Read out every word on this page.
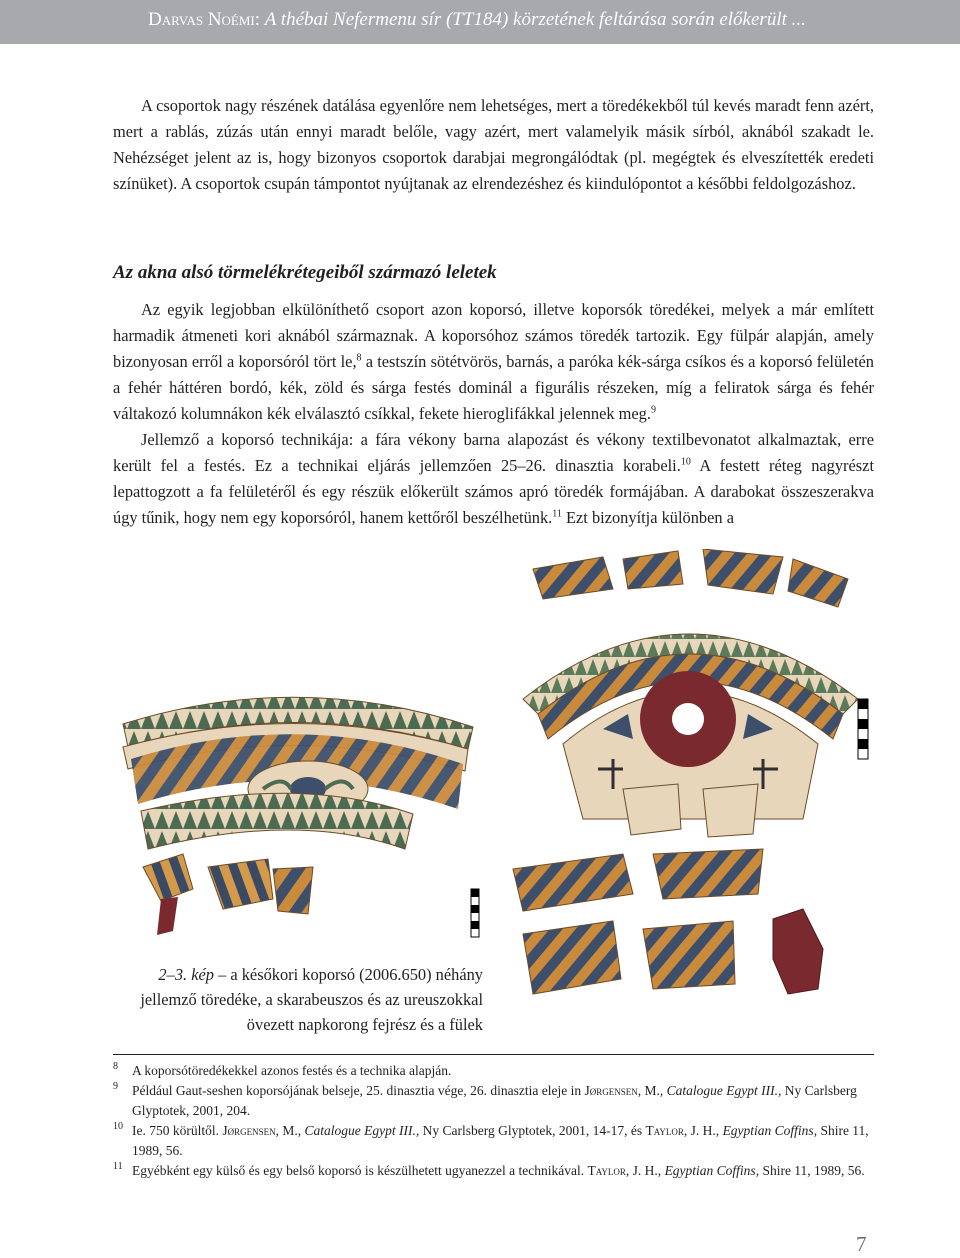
Darvas Noémi: A thébai Nefermenu sír (TT184) körzetének feltárása során előkerült ...

A csoportok nagy részének datálása egyenlőre nem lehetséges, mert a töredékekből túl kevés maradt fenn azért, mert a rablás, zúzás után ennyi maradt belőle, vagy azért, mert valamelyik másik sírból, aknából szakadt le. Nehézséget jelent az is, hogy bizonyos csoportok darabjai megrongálódtak (pl. megégtek és elveszítették eredeti színüket). A csoportok csupán támpontot nyújtanak az elrendezéshez és kiindulópontot a későbbi feldolgozáshoz.

Az akna alsó törmelékrétegeiből származó leletek

Az egyik legjobban elkülöníthető csoport azon koporsó, illetve koporsók töredékei, melyek a már említett harmadik átmeneti kori aknából származnak. A koporsóhoz számos töredék tartozik. Egy fülpár alapján, amely bizonyosan erről a koporsóról tört le,$^8$ a testszín sötétvörös, barnás, a paróka kék-sárga csíkos és a koporsó felületén a fehér háttéren bordó, kék, zöld és sárga festés dominál a figurális részeken, míg a feliratok sárga és fehér váltakozó kolumnákon kék elválasztó csíkkal, fekete hieroglifákkal jelennek meg.$^9$

Jellemző a koporsó technikája: a fára vékony barna alapozást és vékony textilbevonatot alkalmaztak, erre került fel a festés. Ez a technikai eljárás jellemzően 25–26. dinasztia korabeli.$^{10}$ A festett réteg nagyrészt lepattogzott a fa felületéről és egy részük előkerült számos apró töredék formájában. A darabokat összeszerakva úgy tűnik, hogy nem egy koporsóról, hanem kettőről beszélhetünk.$^{11}$ Ezt bizonyítja különben a

2–3. kép – a későkori koporsó (2006.650) néhány jellemző töredéke, a skarabeuszos és az ureuszokkal övezett napkorong fejrész és a fülek
8 A koporsótöredékekkel azonos festés és a technika alapján.
9 Például Gaut-seshen koporsójának belseje, 25. dinasztia vége, 26. dinasztia eleje in Jørgensen, M., Catalogue Egypt III., Ny Carlsberg Glyptotek, 2001, 204.
10 Ie. 750 körültől. Jørgensen, M., Catalogue Egypt III., Ny Carlsberg Glyptotek, 2001, 14-17, és Taylor, J. H., Egyptian Coffins, Shire 11, 1989, 56.
11 Egyébként egy külső és egy belső koporsó is készülhetett ugyanezzel a technikával. Taylor, J. H., Egyptian Coffins, Shire 11, 1989, 56.
7
